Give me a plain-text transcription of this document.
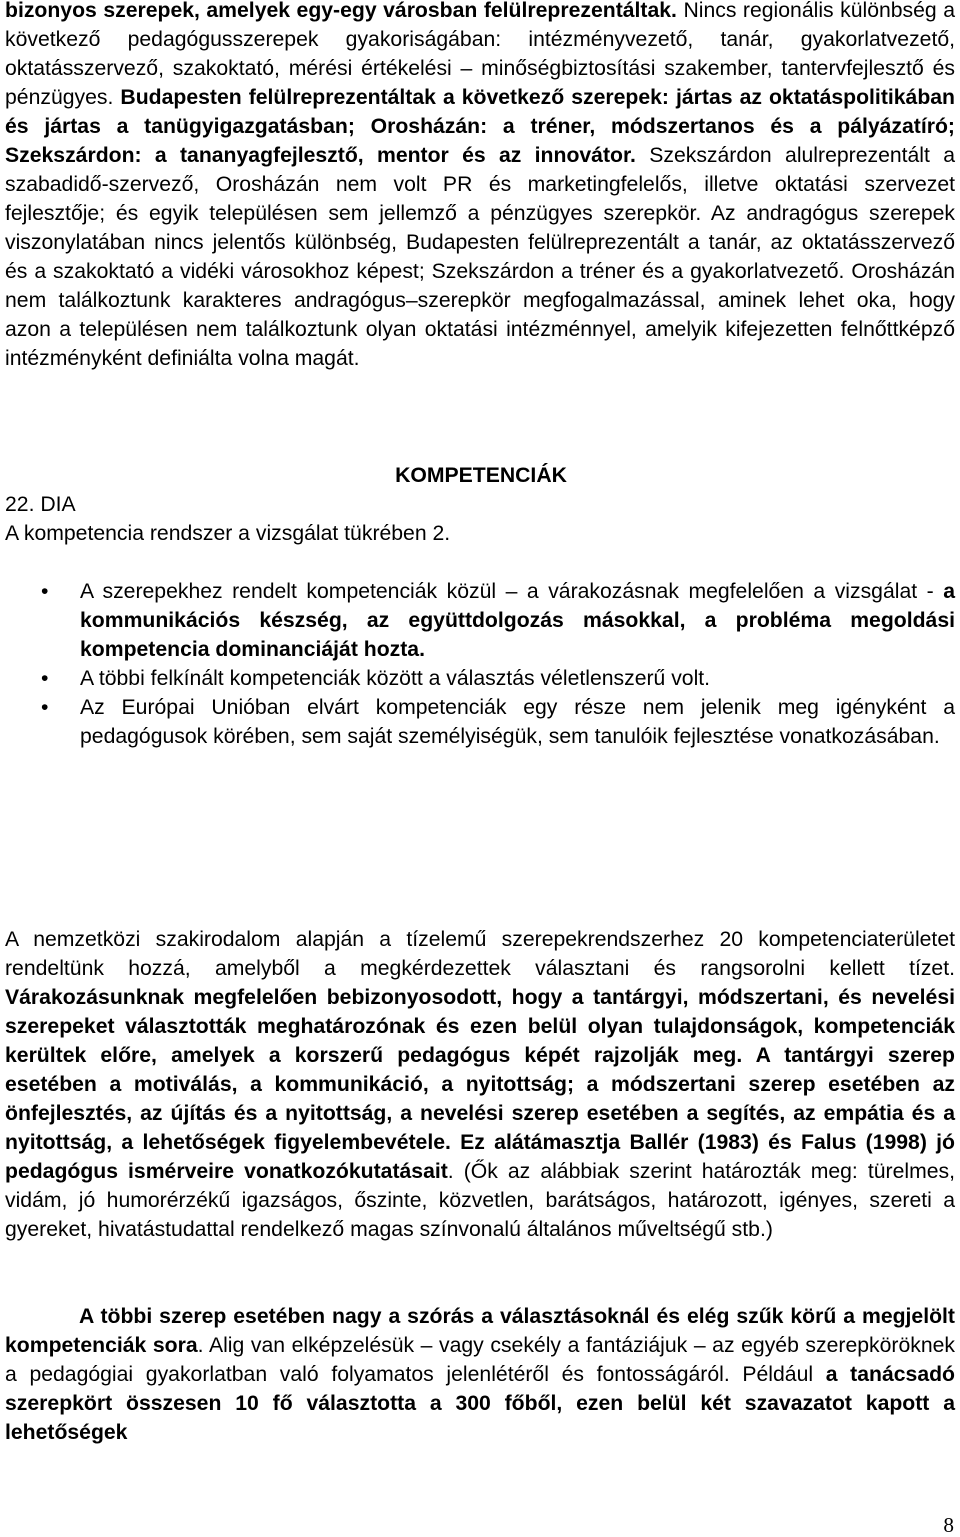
bizonyos szerepek, amelyek egy-egy városban felülreprezentáltak. Nincs regionális különbség a következő pedagógusszerepek gyakoriságában: intézményvezető, tanár, gyakorlatvezető, oktatásszervező, szakoktató, mérési értékelési – minőségbiztosítási szakember, tantervfejlesztő és pénzügyes. Budapesten felülreprezentáltak a következő szerepek: jártas az oktatáspolitikában és jártas a tanügyigazgatásban; Orosházán: a tréner, módszertanos és a pályázatíró; Szekszárdon: a tananyagfejlesztő, mentor és az innovátor. Szekszárdon alulreprezentált a szabadidő-szervező, Orosházán nem volt PR és marketingfelelős, illetve oktatási szervezet fejlesztője; és egyik településen sem jellemző a pénzügyes szerepkör. Az andragógus szerepek viszonylatában nincs jelentős különbség, Budapesten felülreprezentált a tanár, az oktatásszervező és a szakoktató a vidéki városokhoz képest; Szekszárdon a tréner és a gyakorlatvezető. Orosházán nem találkoztunk karakteres andragógus–szerepkör megfogalmazással, aminek lehet oka, hogy azon a településen nem találkoztunk olyan oktatási intézménnyel, amelyik kifejezetten felnőttképző intézményként definiálta volna magát.

KOMPETENCIÁK
22. DIA
A kompetencia rendszer a vizsgálat tükrében 2.
•	A szerepekhez rendelt kompetenciák közül – a várakozásnak megfelelően a vizsgálat - a kommunikációs készség, az együttdolgozás másokkal, a probléma megoldási kompetencia dominanciáját hozta.
•	A többi felkínált kompetenciák között a választás véletlenszerű volt.
•	Az Európai Unióban elvárt kompetenciák egy része nem jelenik meg igényként a pedagógusok körében, sem saját személyiségük, sem tanulóik fejlesztése vonatkozásában.

A nemzetközi szakirodalom alapján a tízelemű szerepekrendszerhez 20 kompetenciaterületet rendeltünk hozzá, amelyből a megkérdezettek választani és rangsorolni kellett tízet. Várakozásunknak megfelelően bebizonyosodott, hogy a tantárgyi, módszertani, és nevelési szerepeket választották meghatározónak és ezen belül olyan tulajdonságok, kompetenciák kerültek előre, amelyek a korszerű pedagógus képét rajzolják meg. A tantárgyi szerep esetében a motiválás, a kommunikáció, a nyitottság; a módszertani szerep esetében az önfejlesztés, az újítás és a nyitottság, a nevelési szerep esetében a segítés, az empátia és a nyitottság, a lehetőségek figyelembevétele. Ez alátámasztja Ballér (1983) és Falus (1998) jó pedagógus ismérveire vonatkozókutatásait. (Ők az alábbiak szerint határozták meg: türelmes, vidám, jó humorérzékű igazságos, őszinte, közvetlen, barátságos, határozott, igényes, szereti a gyereket, hivatástudattal rendelkező magas színvonalú általános műveltségű stb.)

A többi szerep esetében nagy a szórás a választásoknál és elég szűk körű a megjelölt kompetenciák sora. Alig van elképzelésük – vagy csekély a fantáziájuk – az egyéb szerepköröknek a pedagógiai gyakorlatban való folyamatos jelenlétéről és fontosságáról. Például a tanácsadó szerepkört összesen 10 fő választotta a 300 főből, ezen belül két szavazatot kapott a lehetőségek

8
